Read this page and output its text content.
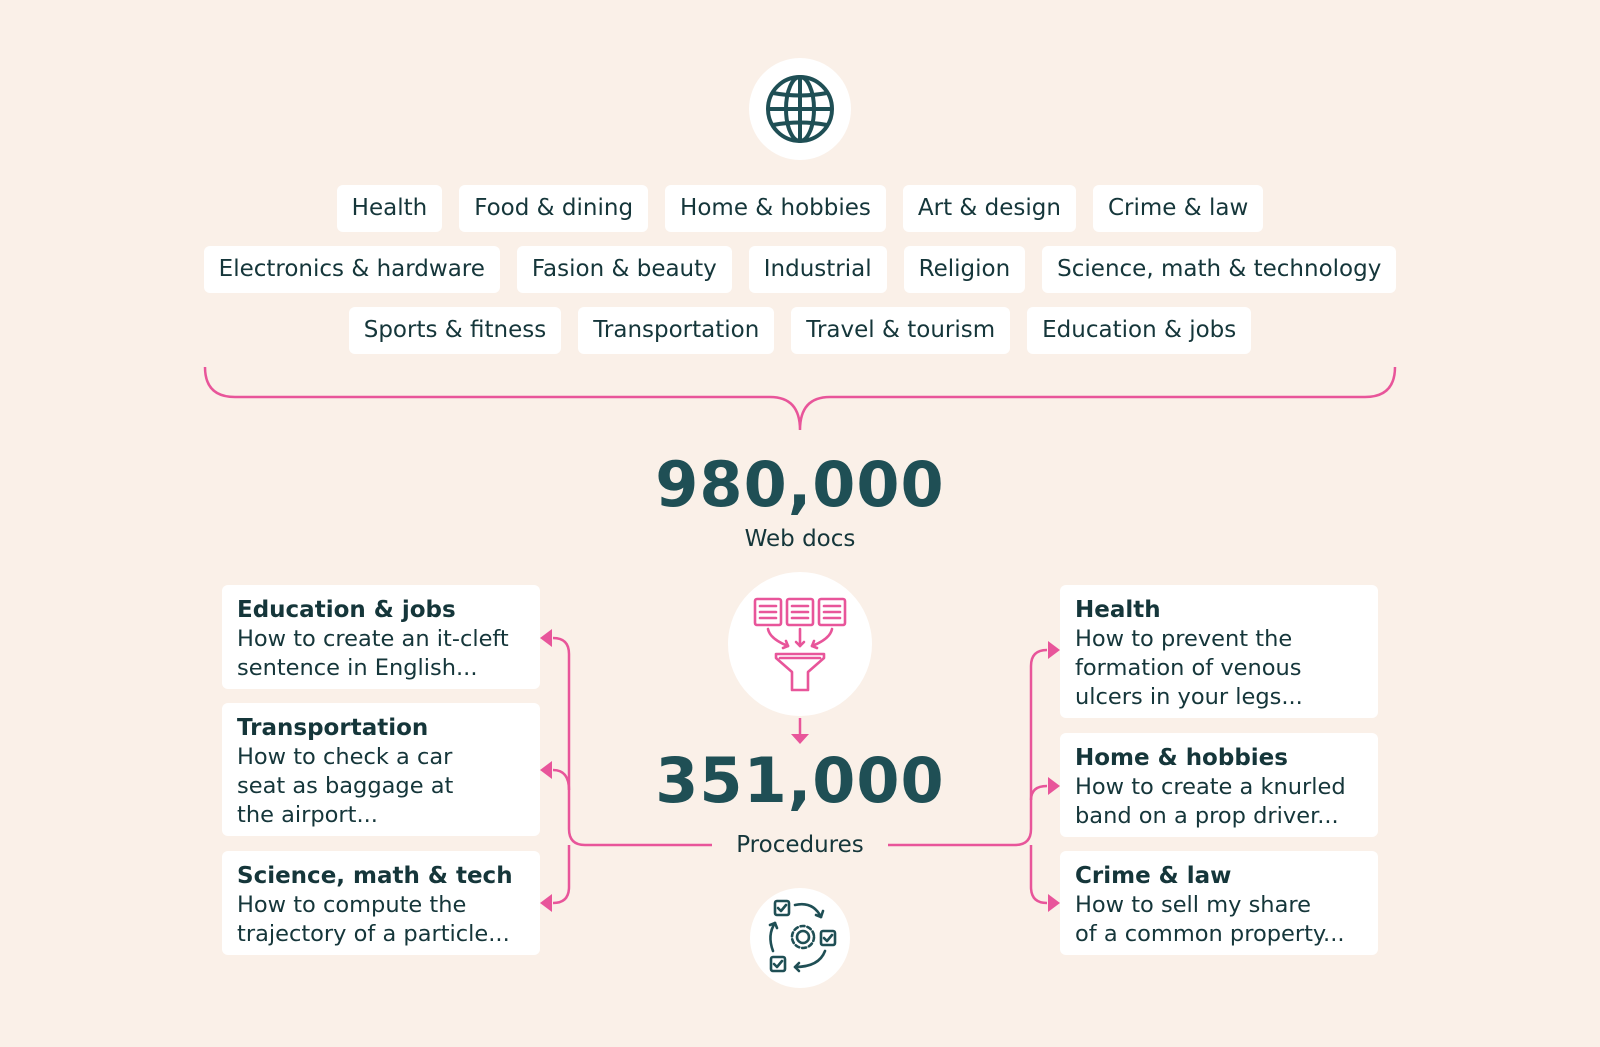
Health	Food & dining	Home & hobbies	Art & design	Crime & law
Electronics & hardware	Fasion & beauty	Industrial	Religion	Science, math & technology
Sports & fitness	Transportation	Travel & tourism	Education & jobs
980,000
Web docs
351,000
Procedures
Education & jobs
How to create an it-cleft
sentence in English...
Transportation
How to check a car
seat as baggage at
the airport...
Science, math & tech
How to compute the
trajectory of a particle...
Health
How to prevent the
formation of venous
ulcers in your legs...
Home & hobbies
How to create a knurled
band on a prop driver...
Crime & law
How to sell my share
of a common property...
